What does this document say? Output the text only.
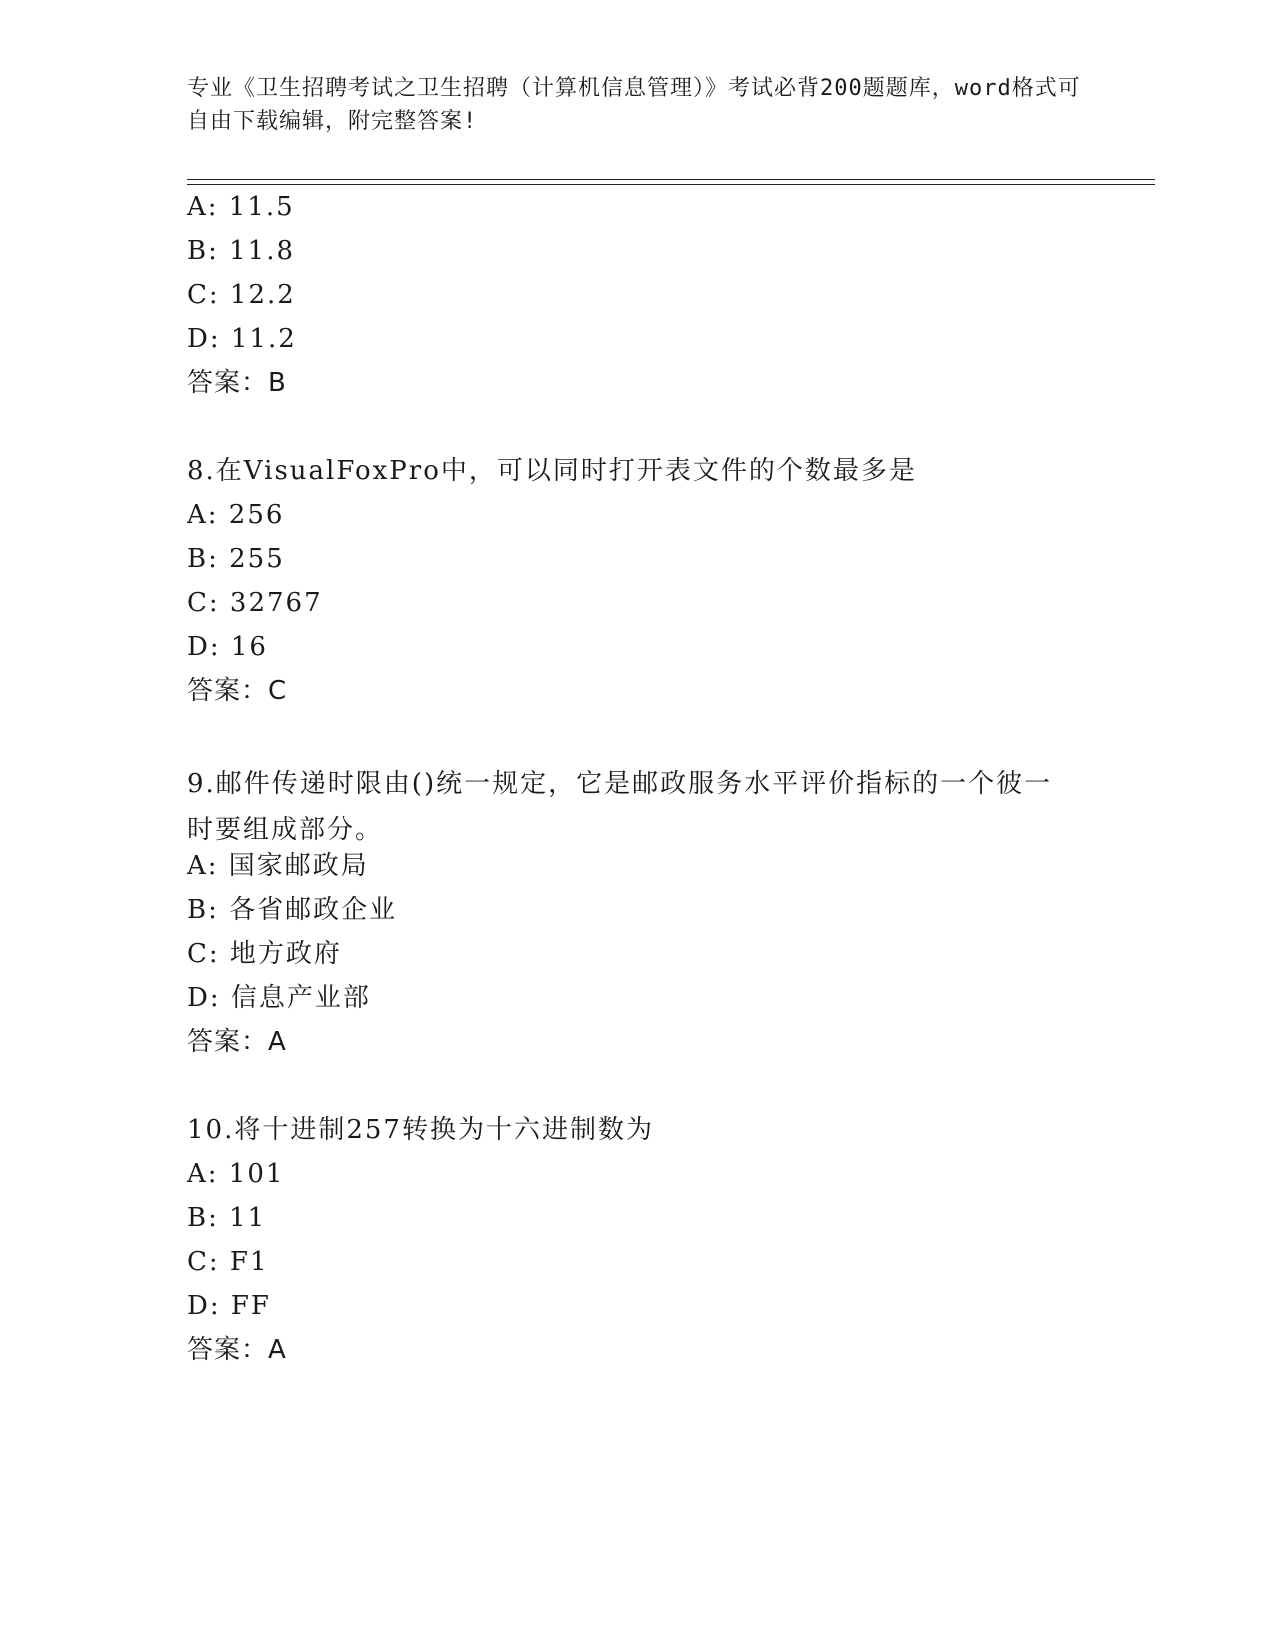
专业《卫生招聘考试之卫生招聘（计算机信息管理）》考试必背200题题库，word格式可自由下载编辑，附完整答案!
A: 11.5
B: 11.8
C: 12.2
D: 11.2
答案：B
8.在VisualFoxPro中，可以同时打开表文件的个数最多是
A: 256
B: 255
C: 32767
D: 16
答案：C
9.邮件传递时限由()统一规定，它是邮政服务水平评价指标的一个彼一时要组成部分。
A: 国家邮政局
B: 各省邮政企业
C: 地方政府
D: 信息产业部
答案：A
10.将十进制257转换为十六进制数为
A: 101
B: 11
C: F1
D: FF
答案：A
